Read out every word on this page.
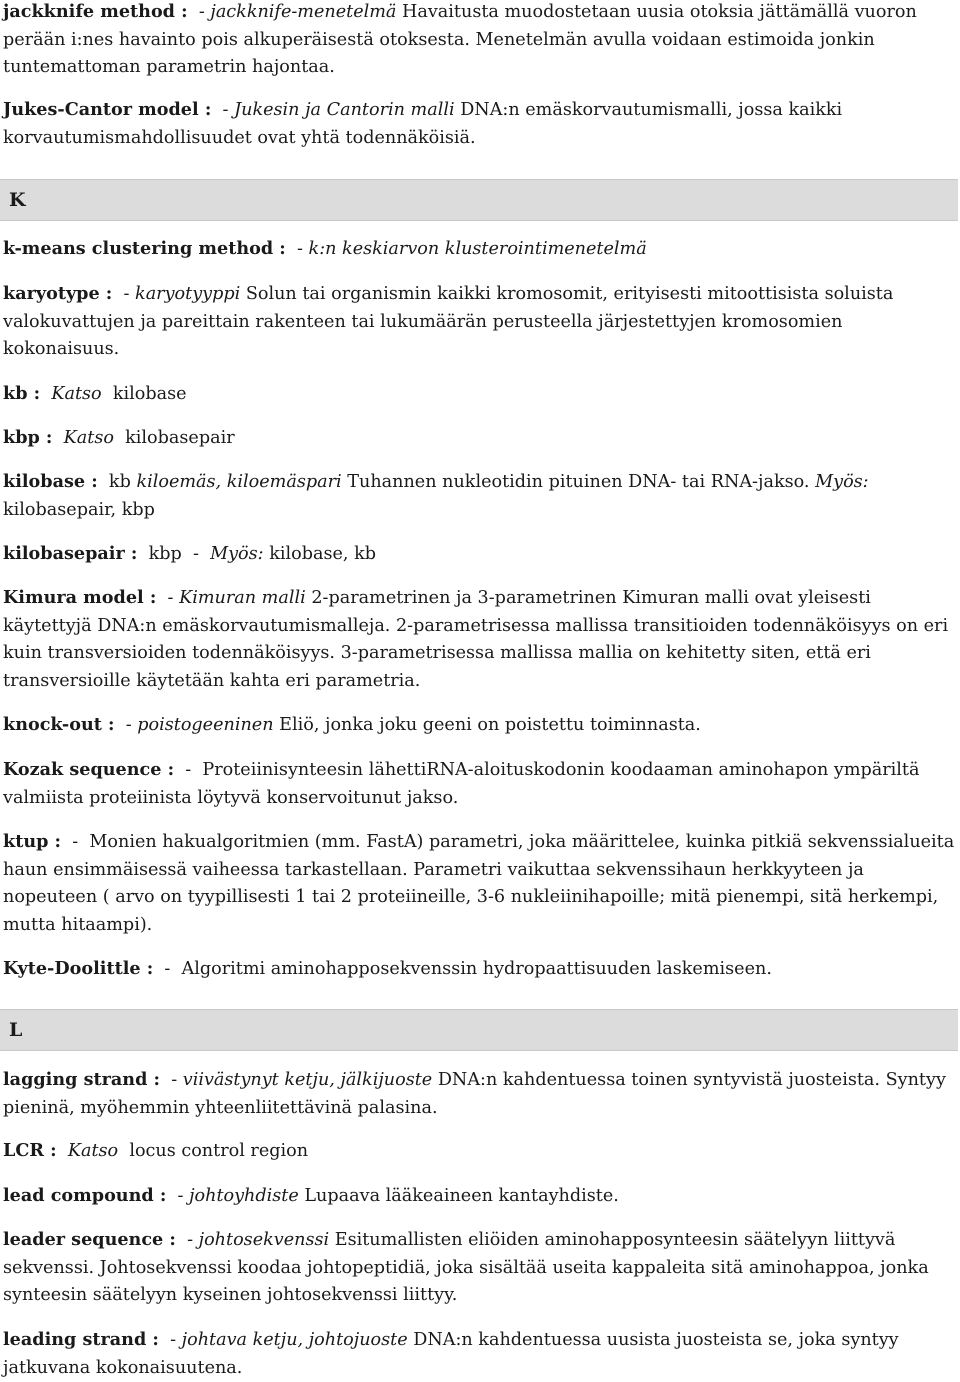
jackknife method : - jackknife-menetelmä Havaitusta muodostetaan uusia otoksia jättämällä vuoron perään i:nes havainto pois alkuperäisestä otoksesta. Menetelmän avulla voidaan estimoida jonkin tuntemattoman parametrin hajontaa.

Jukes-Cantor model : - Jukesin ja Cantorin malli DNA:n emäskorvautumismalli, jossa kaikki korvautumismahdollisuudet ovat yhtä todennäköisiä.

K

k-means clustering method : - k:n keskiarvon klusterointimenetelmä

karyotype : - karyotyyppi Solun tai organismin kaikki kromosomit, erityisesti mitoottisista soluista valokuvattujen ja pareittain rakenteen tai lukumäärän perusteella järjestettyjen kromosomien kokonaisuus.

kb : Katso kilobase

kbp : Katso kilobasepair

kilobase : kb kiloemäs, kiloemäspari Tuhannen nukleotidin pituinen DNA- tai RNA-jakso. Myös: kilobasepair, kbp

kilobasepair : kbp - Myös: kilobase, kb

Kimura model : - Kimuran malli 2-parametrinen ja 3-parametrinen Kimuran malli ovat yleisesti käytettyjä DNA:n emäskorvautumismalleja. 2-parametrisessa mallissa transitioiden todennäköisyys on eri kuin transversioiden todennäköisyys. 3-parametrisessa mallissa mallia on kehitetty siten, että eri transversioille käytetään kahta eri parametria.

knock-out : - poistogeeninen Eliö, jonka joku geeni on poistettu toiminnasta.

Kozak sequence : - Proteiinisynteesin lähettiRNA-aloituskodonin koodaaman aminohapon ympäriltä valmiista proteiinista löytyvä konservoitunut jakso.

ktup : - Monien hakualgoritmien (mm. FastA) parametri, joka määrittelee, kuinka pitkiä sekvenssialueita haun ensimmäisessä vaiheessa tarkastellaan. Parametri vaikuttaa sekvenssihaun herkkyyteen ja nopeuteen ( arvo on tyypillisesti 1 tai 2 proteiineille, 3-6 nukleiinihapoille; mitä pienempi, sitä herkempi, mutta hitaampi).

Kyte-Doolittle : - Algoritmi aminohapposekvenssin hydropaattisuuden laskemiseen.

L

lagging strand : - viivästynyt ketju, jälkijuoste DNA:n kahdentuessa toinen syntyvistä juosteista. Syntyy pieninä, myöhemmin yhteenliitettävinä palasina.

LCR : Katso locus control region

lead compound : - johtoyhdiste Lupaava lääkeaineen kantayhdiste.

leader sequence : - johtosekvenssi Esitumallisten eliöiden aminohapposynteesin säätelyyn liittyvä sekvenssi. Johtosekvenssi koodaa johtopeptidiä, joka sisältää useita kappaleita sitä aminohappoa, jonka synteesin säätelyyn kyseinen johtosekvenssi liittyy.

leading strand : - johtava ketju, johtojuoste DNA:n kahdentuessa uusista juosteista se, joka syntyy jatkuvana kokonaisuutena.
